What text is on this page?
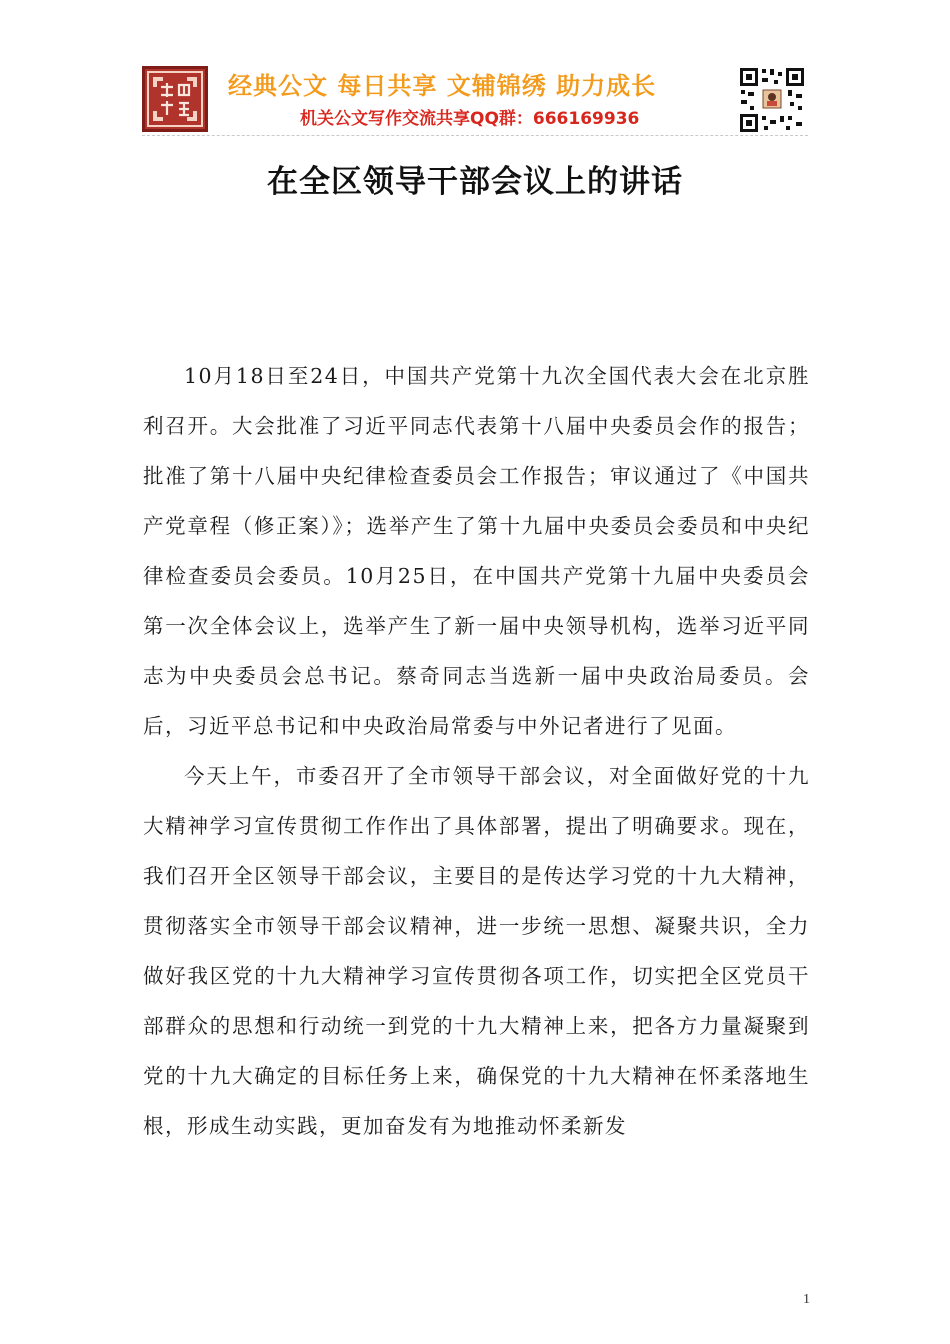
经典公文 每日共享 文辅锦绣 助力成长
机关公文写作交流共享QQ群：666169936
在全区领导干部会议上的讲话

10月18日至24日，中国共产党第十九次全国代表大会在北京胜利召开。大会批准了习近平同志代表第十八届中央委员会作的报告；批准了第十八届中央纪律检查委员会工作报告；审议通过了《中国共产党章程（修正案）》；选举产生了第十九届中央委员会委员和中央纪律检查委员会委员。10月25日，在中国共产党第十九届中央委员会第一次全体会议上，选举产生了新一届中央领导机构，选举习近平同志为中央委员会总书记。蔡奇同志当选新一届中央政治局委员。会后，习近平总书记和中央政治局常委与中外记者进行了见面。

今天上午，市委召开了全市领导干部会议，对全面做好党的十九大精神学习宣传贯彻工作作出了具体部署，提出了明确要求。现在，我们召开全区领导干部会议，主要目的是传达学习党的十九大精神，贯彻落实全市领导干部会议精神，进一步统一思想、凝聚共识，全力做好我区党的十九大精神学习宣传贯彻各项工作，切实把全区党员干部群众的思想和行动统一到党的十九大精神上来，把各方力量凝聚到党的十九大确定的目标任务上来，确保党的十九大精神在怀柔落地生根，形成生动实践，更加奋发有为地推动怀柔新发

1
